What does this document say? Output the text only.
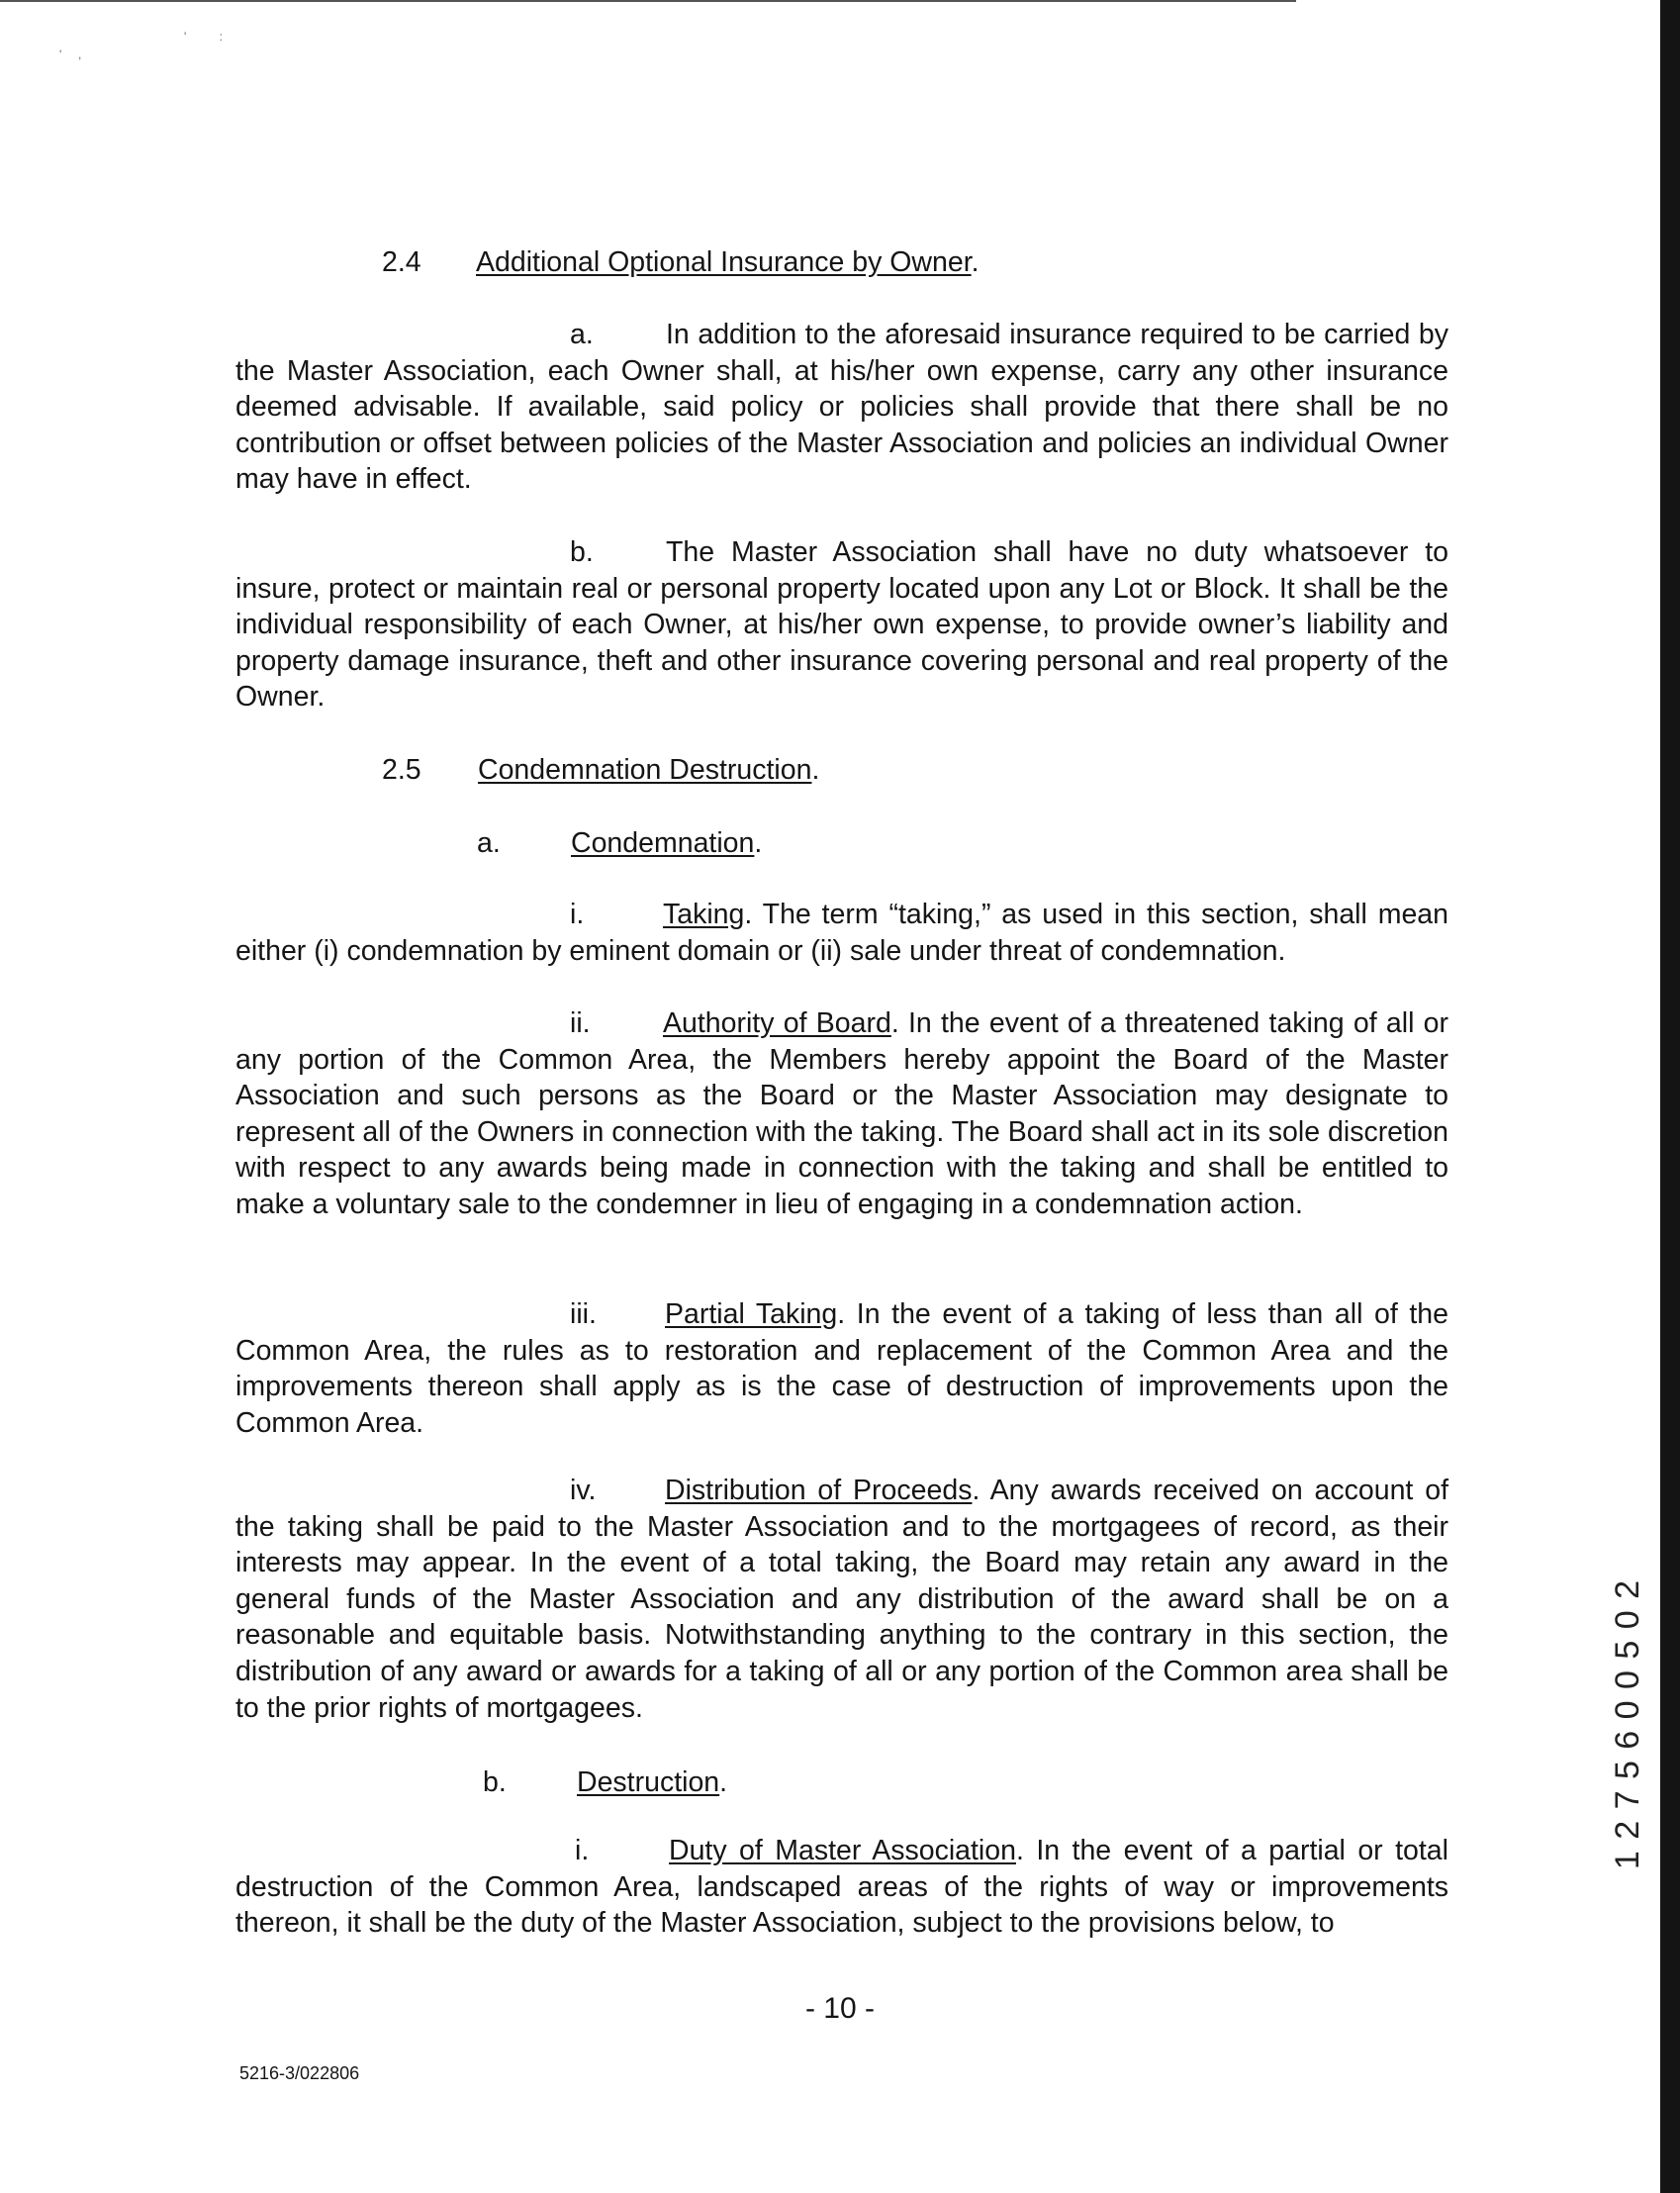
'     ,
'          :
2.4 Additional Optional Insurance by Owner.
a.	In addition to the aforesaid insurance required to be carried by the Master Association, each Owner shall, at his/her own expense, carry any other insurance deemed advisable. If available, said policy or policies shall provide that there shall be no contribution or offset between policies of the Master Association and policies an individual Owner may have in effect.
b.	The Master Association shall have no duty whatsoever to insure, protect or maintain real or personal property located upon any Lot or Block. It shall be the individual responsibility of each Owner, at his/her own expense, to provide owner’s liability and property damage insurance, theft and other insurance covering personal and real property of the Owner.
2.5 Condemnation Destruction.
a. Condemnation.
i.	Taking. The term “taking,” as used in this section, shall mean either (i) condemnation by eminent domain or (ii) sale under threat of condemnation.
ii.	Authority of Board. In the event of a threatened taking of all or any portion of the Common Area, the Members hereby appoint the Board of the Master Association and such persons as the Board or the Master Association may designate to represent all of the Owners in connection with the taking. The Board shall act in its sole discretion with respect to any awards being made in connection with the taking and shall be entitled to make a voluntary sale to the condemner in lieu of engaging in a condemnation action.
iii. Partial Taking. In the event of a taking of less than all of the Common Area, the rules as to restoration and replacement of the Common Area and the improvements thereon shall apply as is the case of destruction of improvements upon the Common Area.
iv. Distribution of Proceeds. Any awards received on account of the taking shall be paid to the Master Association and to the mortgagees of record, as their interests may appear. In the event of a total taking, the Board may retain any award in the general funds of the Master Association and any distribution of the award shall be on a reasonable and equitable basis. Notwithstanding anything to the contrary in this section, the distribution of any award or awards for a taking of all or any portion of the Common area shall be to the prior rights of mortgagees.
b. Destruction.
i.	Duty of Master Association. In the event of a partial or total destruction of the Common Area, landscaped areas of the rights of way or improvements thereon, it shall be the duty of the Master Association, subject to the provisions below, to
1 2 7 5 6 0 0 5 0 2
- 10 -
5216-3/022806
